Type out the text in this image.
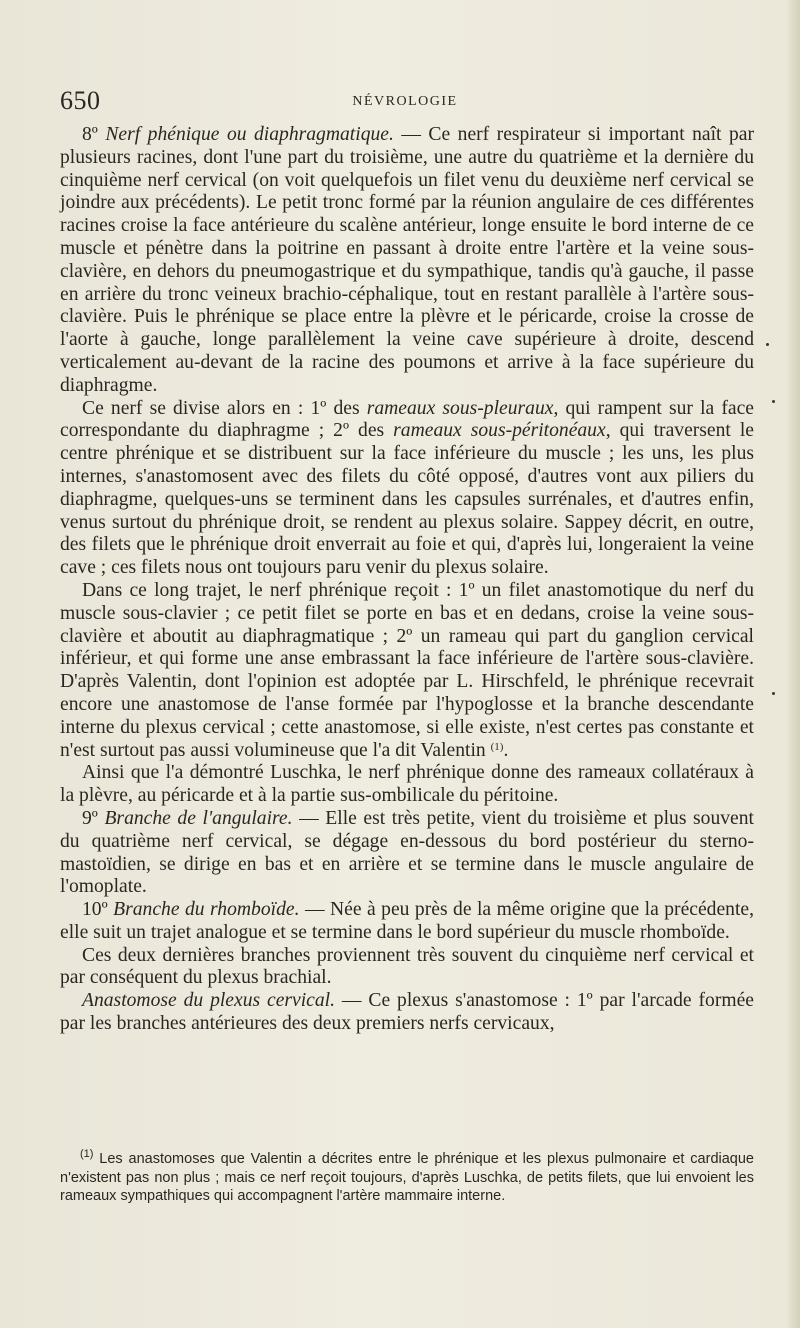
650	NÉVROLOGIE

8º Nerf phénique ou diaphragmatique. — Ce nerf respirateur si important naît par plusieurs racines, dont l'une part du troisième, une autre du quatrième et la dernière du cinquième nerf cervical (on voit quelquefois un filet venu du deuxième nerf cervical se joindre aux précédents). Le petit tronc formé par la réunion angulaire de ces différentes racines croise la face antérieure du scalène antérieur, longe ensuite le bord interne de ce muscle et pénètre dans la poitrine en passant à droite entre l'artère et la veine sous-clavière, en dehors du pneumogastrique et du sympathique, tandis qu'à gauche, il passe en arrière du tronc veineux brachio-céphalique, tout en restant parallèle à l'artère sous-clavière. Puis le phrénique se place entre la plèvre et le péricarde, croise la crosse de l'aorte à gauche, longe parallèlement la veine cave supérieure à droite, descend verticalement au-devant de la racine des poumons et arrive à la face supérieure du diaphragme.

Ce nerf se divise alors en : 1º des rameaux sous-pleuraux, qui rampent sur la face correspondante du diaphragme ; 2º des rameaux sous-péritonéaux, qui traversent le centre phrénique et se distribuent sur la face inférieure du muscle ; les uns, les plus internes, s'anastomosent avec des filets du côté opposé, d'autres vont aux piliers du diaphragme, quelques-uns se terminent dans les capsules surrénales, et d'autres enfin, venus surtout du phrénique droit, se rendent au plexus solaire. Sappey décrit, en outre, des filets que le phrénique droit enverrait au foie et qui, d'après lui, longeraient la veine cave ; ces filets nous ont toujours paru venir du plexus solaire.

Dans ce long trajet, le nerf phrénique reçoit : 1º un filet anastomotique du nerf du muscle sous-clavier ; ce petit filet se porte en bas et en dedans, croise la veine sous-clavière et aboutit au diaphragmatique ; 2º un rameau qui part du ganglion cervical inférieur, et qui forme une anse embrassant la face inférieure de l'artère sous-clavière. D'après Valentin, dont l'opinion est adoptée par L. Hirschfeld, le phrénique recevrait encore une anastomose de l'anse formée par l'hypoglosse et la branche descendante interne du plexus cervical ; cette anastomose, si elle existe, n'est certes pas constante et n'est surtout pas aussi volumineuse que l'a dit Valentin $^{(1)}$.

Ainsi que l'a démontré Luschka, le nerf phrénique donne des rameaux collatéraux à la plèvre, au péricarde et à la partie sus-ombilicale du péritoine.

9º Branche de l'angulaire. — Elle est très petite, vient du troisième et plus souvent du quatrième nerf cervical, se dégage en-dessous du bord postérieur du sterno-mastoïdien, se dirige en bas et en arrière et se termine dans le muscle angulaire de l'omoplate.

10º Branche du rhomboïde. — Née à peu près de la même origine que la précédente, elle suit un trajet analogue et se termine dans le bord supérieur du muscle rhomboïde.

Ces deux dernières branches proviennent très souvent du cinquième nerf cervical et par conséquent du plexus brachial.

Anastomose du plexus cervical. — Ce plexus s'anastomose : 1º par l'arcade formée par les branches antérieures des deux premiers nerfs cervicaux,

$^{(1)}$ Les anastomoses que Valentin a décrites entre le phrénique et les plexus pulmonaire et cardiaque n'existent pas non plus ; mais ce nerf reçoit toujours, d'après Luschka, de petits filets, que lui envoient les rameaux sympathiques qui accompagnent l'artère mammaire interne.
